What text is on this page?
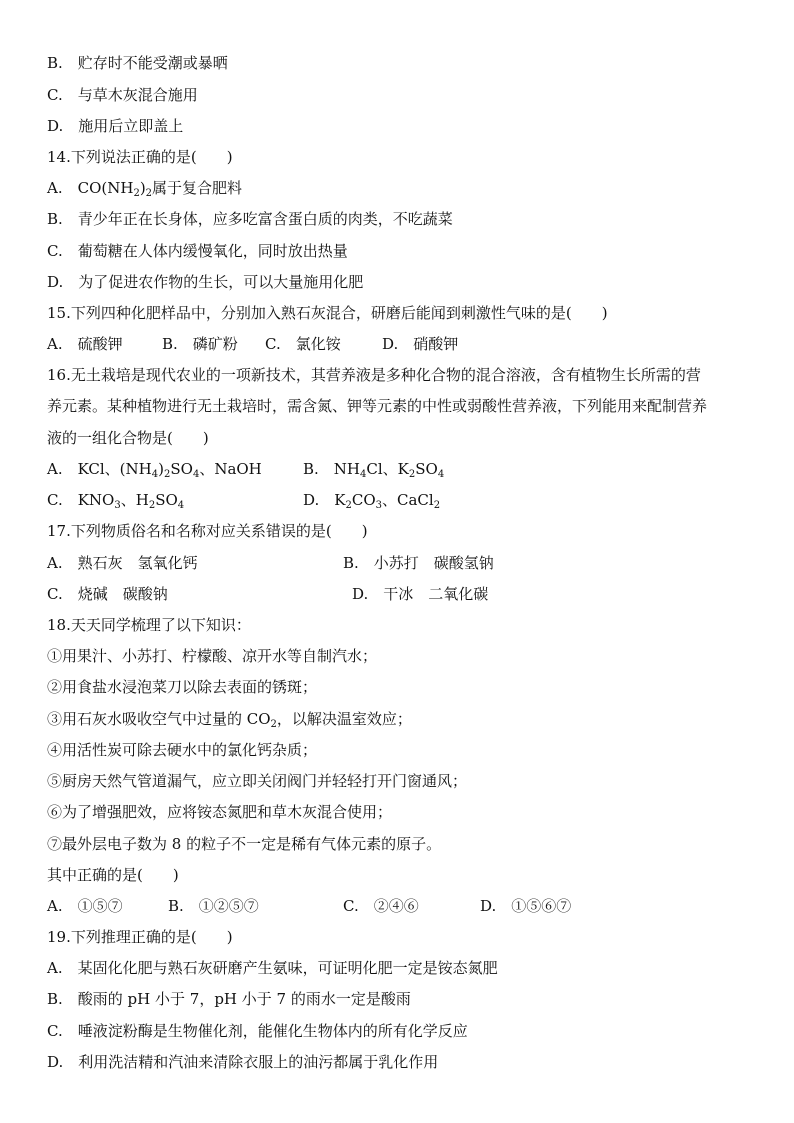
B.　贮存时不能受潮或暴晒
C.　与草木灰混合施用
D.　施用后立即盖上
14.下列说法正确的是(　　)
A.　$CO(NH_2)_2$属于复合肥料
B.　青少年正在长身体，应多吃富含蛋白质的肉类，不吃蔬菜
C.　葡萄糖在人体内缓慢氧化，同时放出热量
D.　为了促进农作物的生长，可以大量施用化肥
15.下列四种化肥样品中，分别加入熟石灰混合，研磨后能闻到刺激性气味的是(　　)
A.　硫酸钾	B.　磷矿粉 C.　氯化铵	D.　硝酸钾
16.无土栽培是现代农业的一项新技术，其营养液是多种化合物的混合溶液，含有植物生长所需的营
养元素。某种植物进行无土栽培时，需含氮、钾等元素的中性或弱酸性营养液，下列能用来配制营养
液的一组化合物是(　　)
A.　KCl、$(NH_4)_2SO_4$、NaOH	B.　$NH_4Cl$、$K_2SO_4$
C.　$KNO_3$、$H_2SO_4$	D.　$K_2CO_3$、CaCl$_2$
17.下列物质俗名和名称对应关系错误的是(　　)
A.　熟石灰　氢氧化钙	B.　小苏打　碳酸氢钠
C.　烧碱　碳酸钠	D.　干冰　二氧化碳
18.天天同学梳理了以下知识：
①用果汁、小苏打、柠檬酸、凉开水等自制汽水；
②用食盐水浸泡菜刀以除去表面的锈斑；
③用石灰水吸收空气中过量的 $CO_2$，以解决温室效应；
④用活性炭可除去硬水中的氯化钙杂质；
⑤厨房天然气管道漏气，应立即关闭阀门并轻轻打开门窗通风；
⑥为了增强肥效，应将铵态氮肥和草木灰混合使用；
⑦最外层电子数为 8 的粒子不一定是稀有气体元素的原子。
其中正确的是(　　)
A.　①⑤⑦	B.　①②⑤⑦	C.　②④⑥	D.　①⑤⑥⑦
19.下列推理正确的是(　　)
A.　某固化化肥与熟石灰研磨产生氨味，可证明化肥一定是铵态氮肥
B.　酸雨的 pH 小于 7，pH 小于 7 的雨水一定是酸雨
C.　唾液淀粉酶是生物催化剂，能催化生物体内的所有化学反应
D.　利用洗洁精和汽油来清除衣服上的油污都属于乳化作用
